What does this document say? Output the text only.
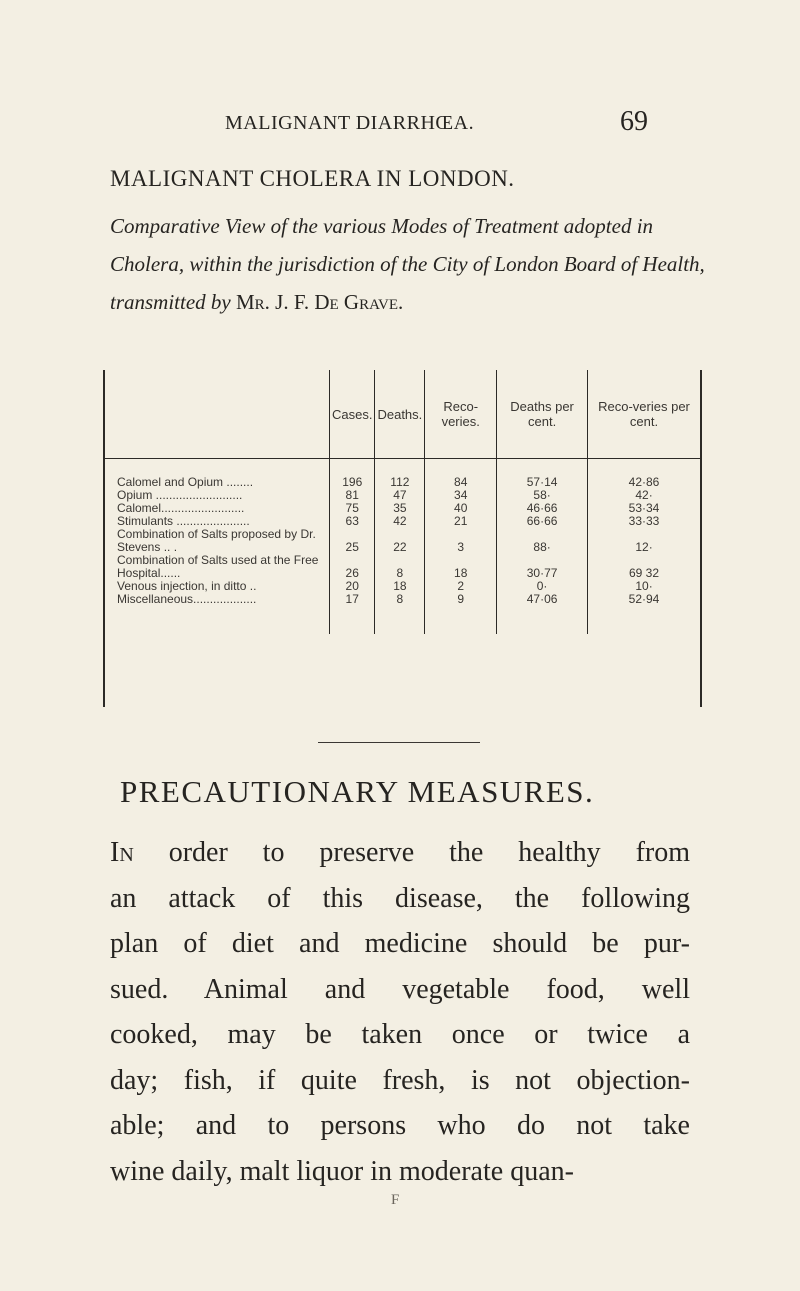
MALIGNANT DIARRHŒA.	69
MALIGNANT CHOLERA IN LONDON.
Comparative View of the various Modes of Treatment adopted in Cholera, within the jurisdiction of the City of London Board of Health, transmitted by Mr. J. F. De Grave.
	Cases.	Deaths.	Reco-veries.	Deaths per cent.	Reco-veries per cent.
Calomel and Opium ........	196	112	84	57·14	42·86
Opium ..........................	81	47	34	58·	42·
Calomel.........................	75	35	40	46·66	53·34
Stimulants ......................	63	42	21	66·66	33·33
Combination of Salts proposed by Dr. Stevens .. .	25	22	3	88·	12·
Combination of Salts used at the Free Hospital......	26	8	18	30·77	69 32
Venous injection, in ditto ..	20	18	2	0·	10·
Miscellaneous...................	17	8	9	47·06	52·94

PRECAUTIONARY MEASURES.

In order to preserve the healthy from
an attack of this disease, the following
plan of diet and medicine should be pur-
sued. Animal and vegetable food, well
cooked, may be taken once or twice a
day; fish, if quite fresh, is not objection-
able; and to persons who do not take
wine daily, malt liquor in moderate quan-

F
